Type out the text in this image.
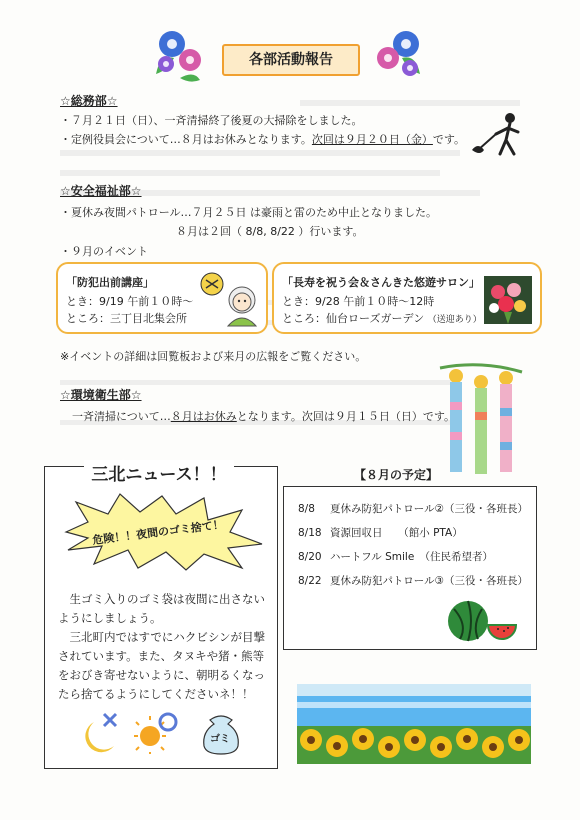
各部活動報告
☆総務部☆
・７月２１日（日）、一斉清掃終了後夏の大掃除をしました。
・定例役員会について…８月はお休みとなります。次回は９月２０日（金）です。
☆安全福祉部☆
・夏休み夜間パトロール…７月２５日 は豪雨と雷のため中止となりました。
８月は２回（ 8/8, 8/22 ）行います。
・９月のイベント
「防犯出前講座」
とき：9/19 午前１０時～
ところ：三丁目北集会所
「長寿を祝う会＆さんきた悠遊サロン」
とき：9/28 午前１０時～12時
ところ：仙台ローズガーデン （送迎あり）
※イベントの詳細は回覧板および来月の広報をご覧ください。
☆環境衛生部☆
一斉清掃について…８月はお休みとなります。次回は９月１５日（日）です。
三北ニュース！！
危険！！夜間のゴミ捨て！
　生ゴミ入りのゴミ袋は夜間に出さないようにしましょう。
　三北町内ではすでにハクビシンが目撃されています。また、タヌキや猪・熊等をおびき寄せないように、朝明るくなったら捨てるようにしてくださいネ！！
ゴミ
【８月の予定】
8/8 夏休み防犯パトロール②（三役・各班長）
8/18 資源回収日　　（館小 PTA）
8/20 ハートフル Smile　（住民希望者）
8/22 夏休み防犯パトロール③（三役・各班長）
